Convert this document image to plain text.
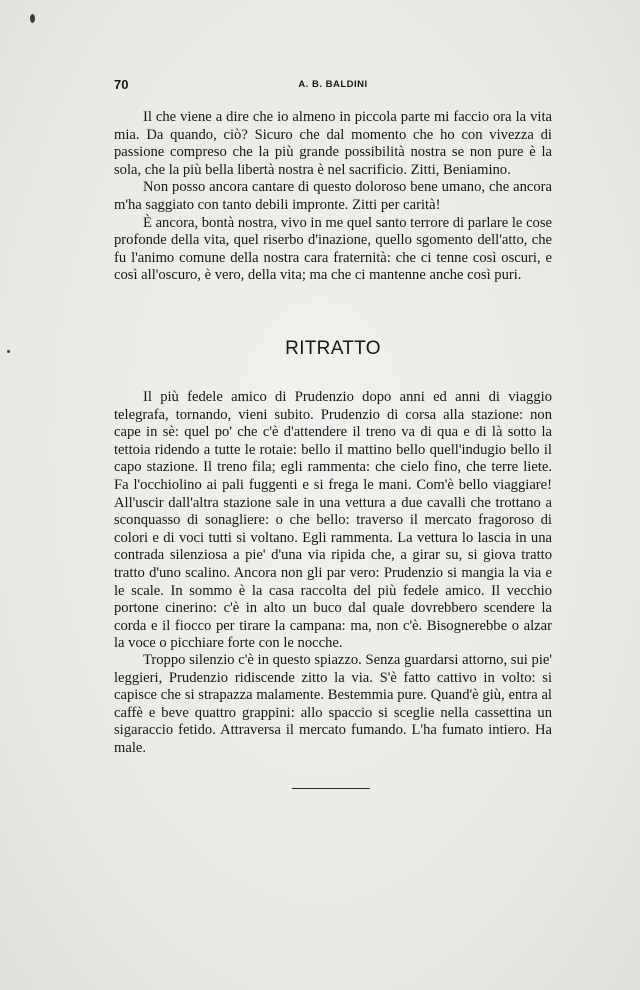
70	A. B. BALDINI

Il che viene a dire che io almeno in piccola parte mi faccio ora la vita mia. Da quando, ciò? Sicuro che dal momento che ho con vivezza di passione compreso che la più grande possibilità nostra se non pure è la sola, che la più bella libertà nostra è nel sacrificio. Zitti, Beniamino.

Non posso ancora cantare di questo doloroso bene umano, che ancora m'ha saggiato con tanto debili impronte. Zitti per carità!

È ancora, bontà nostra, vivo in me quel santo terrore di parlare le cose profonde della vita, quel riserbo d'inazione, quello sgomento dell'atto, che fu l'animo comune della nostra cara fraternità: che ci tenne così oscuri, e così all'oscuro, è vero, della vita; ma che ci mantenne anche così puri.

RITRATTO

Il più fedele amico di Prudenzio dopo anni ed anni di viaggio telegrafa, tornando, vieni subito. Prudenzio di corsa alla stazione: non cape in sè: quel po' che c'è d'attendere il treno va di qua e di là sotto la tettoia ridendo a tutte le rotaie: bello il mattino bello quell'indugio bello il capo stazione. Il treno fila; egli rammenta: che cielo fino, che terre liete. Fa l'occhiolino ai pali fuggenti e si frega le mani. Com'è bello viaggiare! All'uscir dall'altra stazione sale in una vettura a due cavalli che trottano a sconquasso di sonagliere: o che bello: traverso il mercato fragoroso di colori e di voci tutti si voltano. Egli rammenta. La vettura lo lascia in una contrada silenziosa a pie' d'una via ripida che, a girar su, si giova tratto tratto d'uno scalino. Ancora non gli par vero: Prudenzio si mangia la via e le scale. In sommo è la casa raccolta del più fedele amico. Il vecchio portone cinerino: c'è in alto un buco dal quale dovrebbero scendere la corda e il fiocco per tirare la campana: ma, non c'è. Bisognerebbe o alzar la voce o picchiare forte con le nocche.

Troppo silenzio c'è in questo spiazzo. Senza guardarsi attorno, sui pie' leggieri, Prudenzio ridiscende zitto la via. S'è fatto cattivo in volto: si capisce che si strapazza malamente. Bestemmia pure. Quand'è giù, entra al caffè e beve quattro grappini: allo spaccio si sceglie nella cassettina un sigaraccio fetido. Attraversa il mercato fumando. L'ha fumato intiero. Ha male.
